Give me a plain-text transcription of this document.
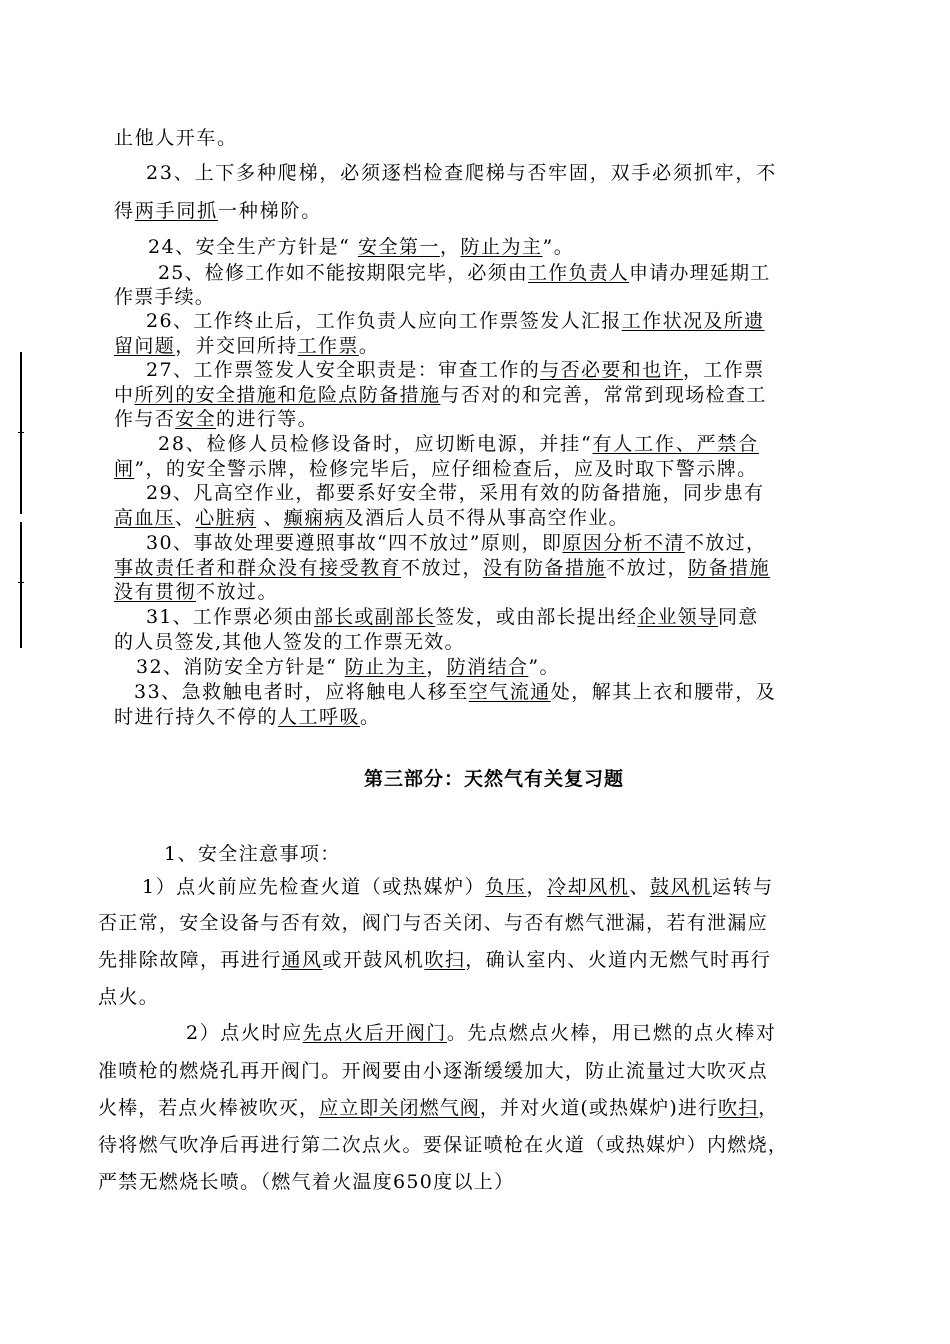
止他人开车。
23、上下多种爬梯，必须逐档检查爬梯与否牢固，双手必须抓牢，不
得两手同抓一种梯阶。
24、安全生产方针是“ 安全第一，防止为主”。
25、检修工作如不能按期限完毕，必须由工作负责人申请办理延期工
作票手续。
26、工作终止后，工作负责人应向工作票签发人汇报工作状况及所遗
留问题，并交回所持工作票。
27、工作票签发人安全职责是：审查工作的与否必要和也许，工作票
中所列的安全措施和危险点防备措施与否对的和完善，常常到现场检查工
作与否安全的进行等。
28、检修人员检修设备时，应切断电源，并挂“有人工作、严禁合
闸”，的安全警示牌，检修完毕后，应仔细检查后，应及时取下警示牌。
29、凡高空作业，都要系好安全带，采用有效的防备措施，同步患有
高血压、心脏病 、癫痫病及酒后人员不得从事高空作业。
30、事故处理要遵照事故“四不放过”原则，即原因分析不清不放过，
事故责任者和群众没有接受教育不放过，没有防备措施不放过，防备措施
没有贯彻不放过。
31、工作票必须由部长或副部长签发，或由部长提出经企业领导同意
的人员签发,其他人签发的工作票无效。
32、消防安全方针是“ 防止为主，防消结合”。
33、急救触电者时，应将触电人移至空气流通处，解其上衣和腰带，及
时进行持久不停的人工呼吸。
第三部分：天然气有关复习题
1、安全注意事项：
1）点火前应先检查火道（或热媒炉）负压，冷却风机、鼓风机运转与
否正常，安全设备与否有效，阀门与否关闭、与否有燃气泄漏，若有泄漏应
先排除故障，再进行通风或开鼓风机吹扫，确认室内、火道内无燃气时再行
点火。
2）点火时应先点火后开阀门。先点燃点火棒，用已燃的点火棒对
准喷枪的燃烧孔再开阀门。开阀要由小逐渐缓缓加大，防止流量过大吹灭点
火棒，若点火棒被吹灭，应立即关闭燃气阀，并对火道(或热媒炉)进行吹扫，
待将燃气吹净后再进行第二次点火。要保证喷枪在火道（或热媒炉）内燃烧，
严禁无燃烧长喷。（燃气着火温度650度以上）
